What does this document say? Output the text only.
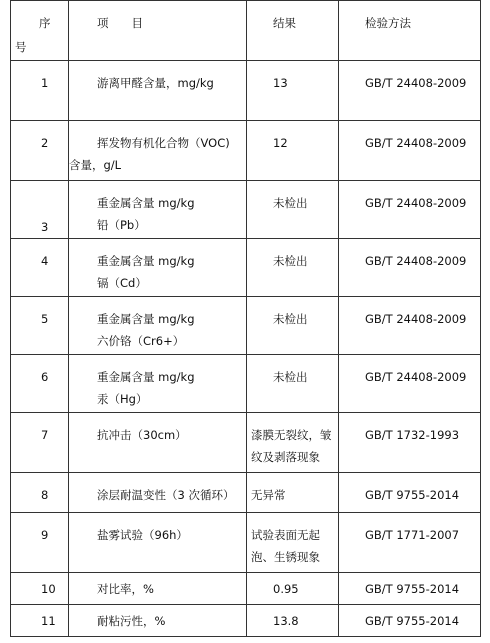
序
号	项　　目	结果	检验方法

1	游离甲醛含量，mg/kg	13	GB/T 24408-2009

2	挥发物有机化合物（VOC)
含量，g/L	12	GB/T 24408-2009

3	重金属含量 mg/kg
铅（Pb）	未检出	GB/T 24408-2009

4	重金属含量 mg/kg
镉（Cd）	未检出	GB/T 24408-2009

5	重金属含量 mg/kg
六价铬（Cr6+）	未检出	GB/T 24408-2009

6	重金属含量 mg/kg
汞（Hg）	未检出	GB/T 24408-2009

7	抗冲击（30cm）	漆膜无裂纹，皱
纹及剥落现象	GB/T 1732-1993

8	涂层耐温变性（3 次循环）	无异常	GB/T 9755-2014

9	盐雾试验（96h）	试验表面无起
泡、生锈现象	GB/T 1771-2007

10	对比率，%	0.95	GB/T 9755-2014

11	耐粘污性，%	13.8	GB/T 9755-2014
